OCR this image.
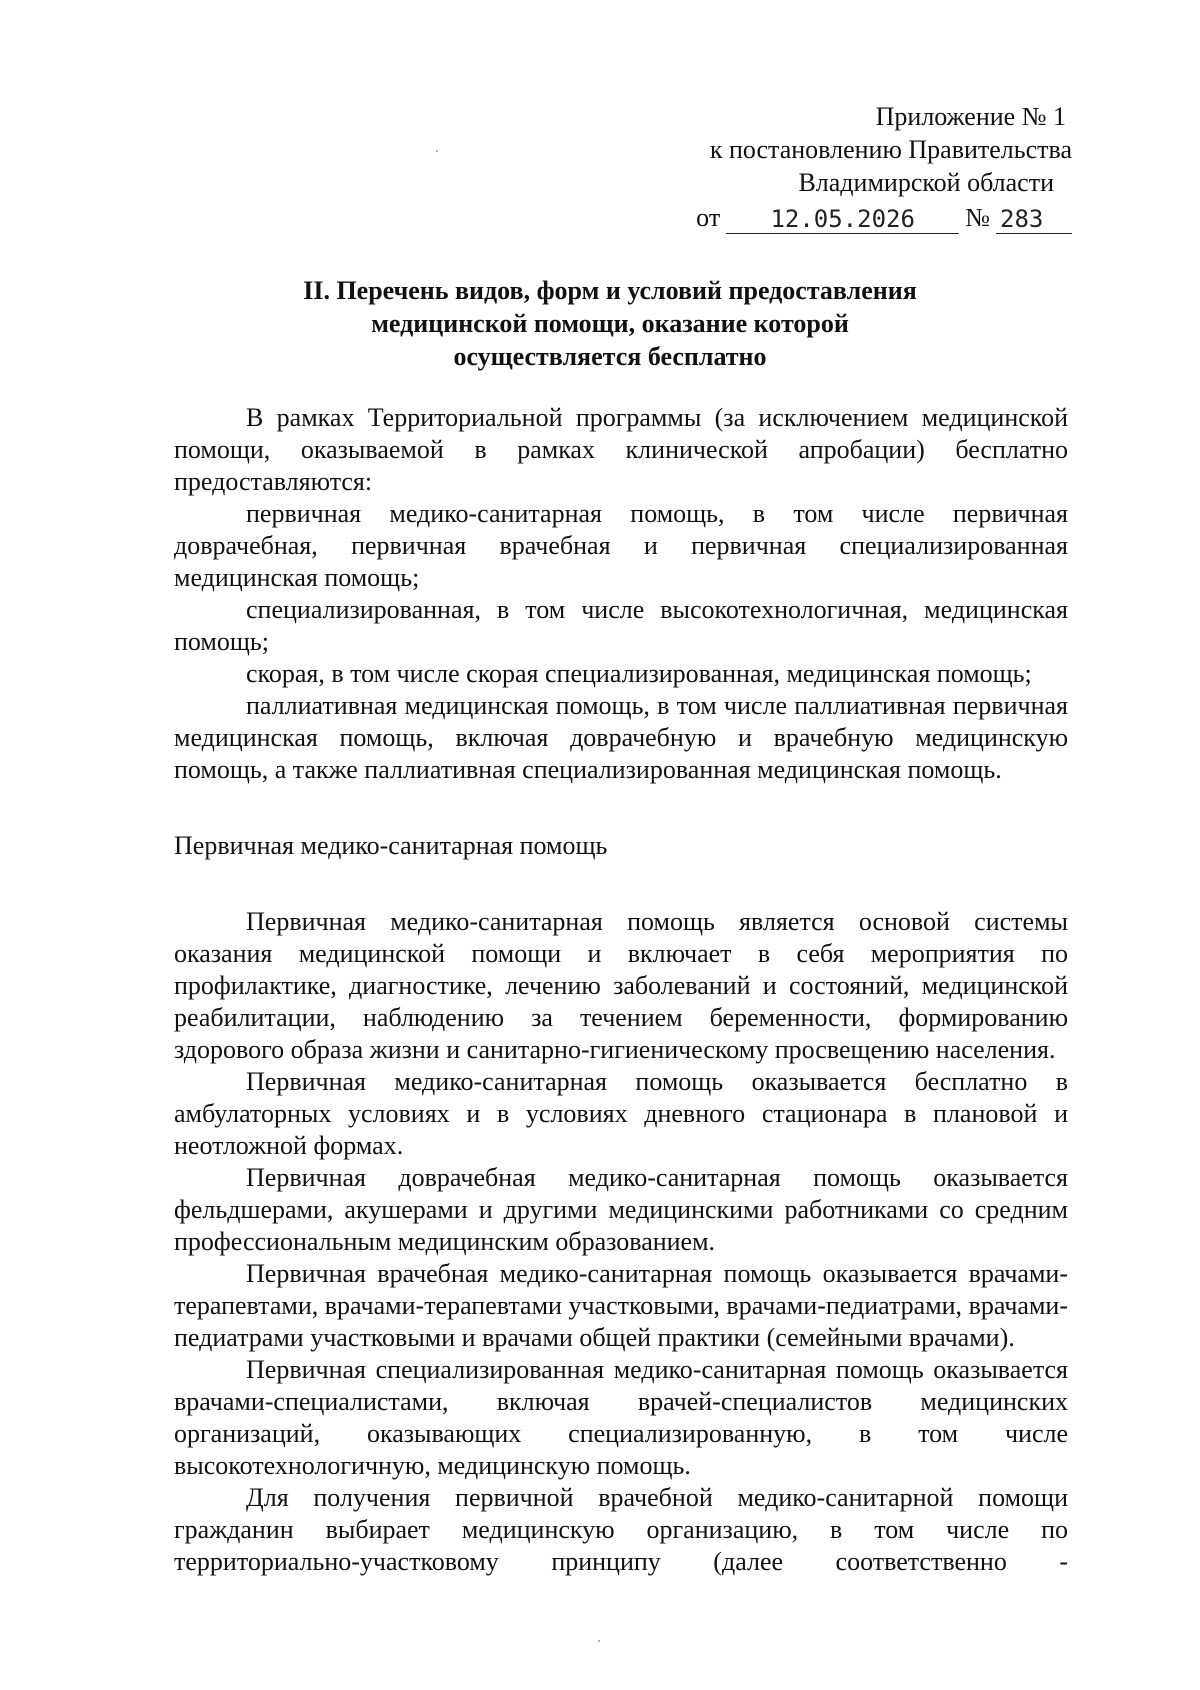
Приложение № 1
к постановлению Правительства
Владимирской области
от	12.05.2026	№ 283
II. Перечень видов, форм и условий предоставления
медицинской помощи, оказание которой
осуществляется бесплатно

В рамках Территориальной программы (за исключением медицинской помощи, оказываемой в рамках клинической апробации) бесплатно предоставляются:

первичная медико-санитарная помощь, в том числе первичная доврачебная, первичная врачебная и первичная специализированная медицинская помощь;

специализированная, в том числе высокотехнологичная, медицинская помощь;

скорая, в том числе скорая специализированная, медицинская помощь;

паллиативная медицинская помощь, в том числе паллиативная первичная медицинская помощь, включая доврачебную и врачебную медицинскую помощь, а также паллиативная специализированная медицинская помощь.

Первичная медико-санитарная помощь

Первичная медико-санитарная помощь является основой системы оказания медицинской помощи и включает в себя мероприятия по профилактике, диагностике, лечению заболеваний и состояний, медицинской реабилитации, наблюдению за течением беременности, формированию здорового образа жизни и санитарно-гигиеническому просвещению населения.

Первичная медико-санитарная помощь оказывается бесплатно в амбулаторных условиях и в условиях дневного стационара в плановой и неотложной формах.

Первичная доврачебная медико-санитарная помощь оказывается фельдшерами, акушерами и другими медицинскими работниками со средним профессиональным медицинским образованием.

Первичная врачебная медико-санитарная помощь оказывается врачами-терапевтами, врачами-терапевтами участковыми, врачами-педиатрами, врачами-педиатрами участковыми и врачами общей практики (семейными врачами).

Первичная специализированная медико-санитарная помощь оказывается врачами-специалистами, включая врачей-специалистов медицинских организаций, оказывающих специализированную, в том числе высокотехнологичную, медицинскую помощь.

Для получения первичной врачебной медико-санитарной помощи гражданин выбирает медицинскую организацию, в том числе по территориально-участковому принципу (далее соответственно -
